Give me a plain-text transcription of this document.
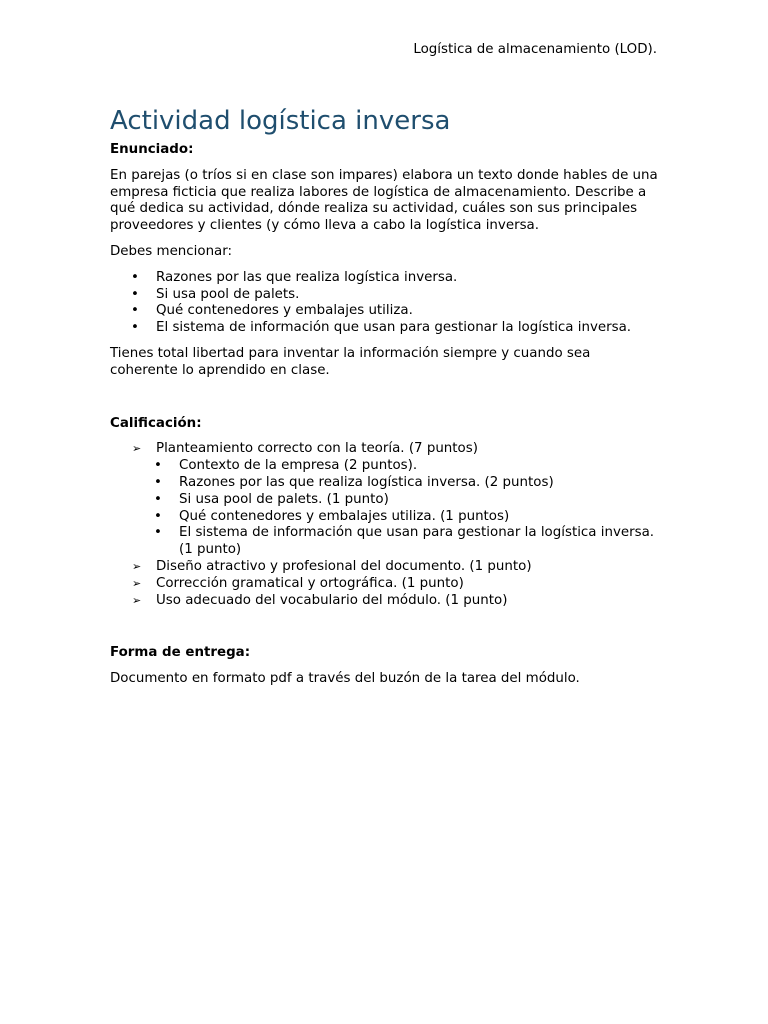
Logística de almacenamiento (LOD).
Actividad logística inversa

Enunciado:

En parejas (o tríos si en clase son impares) elabora un texto donde hables de una empresa ficticia que realiza labores de logística de almacenamiento. Describe a qué dedica su actividad, dónde realiza su actividad, cuáles son sus principales proveedores y clientes (y cómo lleva a cabo la logística inversa.

Debes mencionar:

•	Razones por las que realiza logística inversa.
•	Si usa pool de palets.
•	Qué contenedores y embalajes utiliza.
•	El sistema de información que usan para gestionar la logística inversa.

Tienes total libertad para inventar la información siempre y cuando sea coherente lo aprendido en clase.

Calificación:

➢ Planteamiento correcto con la teoría. (7 puntos)
•	Contexto de la empresa (2 puntos).
•	Razones por las que realiza logística inversa. (2 puntos)
•	Si usa pool de palets. (1 punto)
•	Qué contenedores y embalajes utiliza. (1 puntos)
•	El sistema de información que usan para gestionar la logística inversa. (1 punto)
➢ Diseño atractivo y profesional del documento. (1 punto)
➢ Corrección gramatical y ortográfica. (1 punto)
➢ Uso adecuado del vocabulario del módulo. (1 punto)

Forma de entrega:

Documento en formato pdf a través del buzón de la tarea del módulo.
